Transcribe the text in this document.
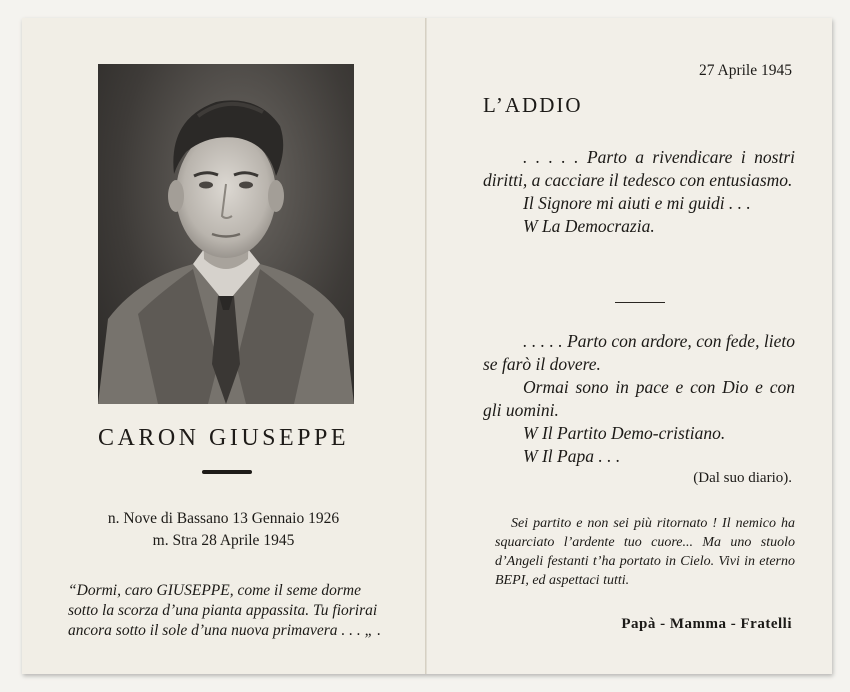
CARON GIUSEPPE
n. Nove di Bassano 13 Gennaio 1926
m. Stra 28 Aprile 1945
“Dormi, caro GIUSEPPE, come il seme dorme sotto la scorza d’una pianta appassita. Tu fiorirai ancora sotto il sole d’una nuova primavera . . . „ .
27 Aprile 1945
L’ADDIO

. . . . . Parto a rivendicare i nostri diritti, a cacciare il tedesco con entusiasmo.

Il Signore mi aiuti e mi guidi . . .

W La Democrazia.

. . . . . Parto con ardore, con fede, lieto se farò il dovere.

Ormai sono in pace e con Dio e con gli uomini.

W Il Partito Demo-cristiano.

W Il Papa . . .

(Dal suo diario).

Sei partito e non sei più ritornato ! Il nemico ha squarciato l’ardente tuo cuore... Ma uno stuolo d’Angeli festanti t’ha portato in Cielo. Vivi in eterno BEPI, ed aspettaci tutti.

Papà - Mamma - Fratelli
